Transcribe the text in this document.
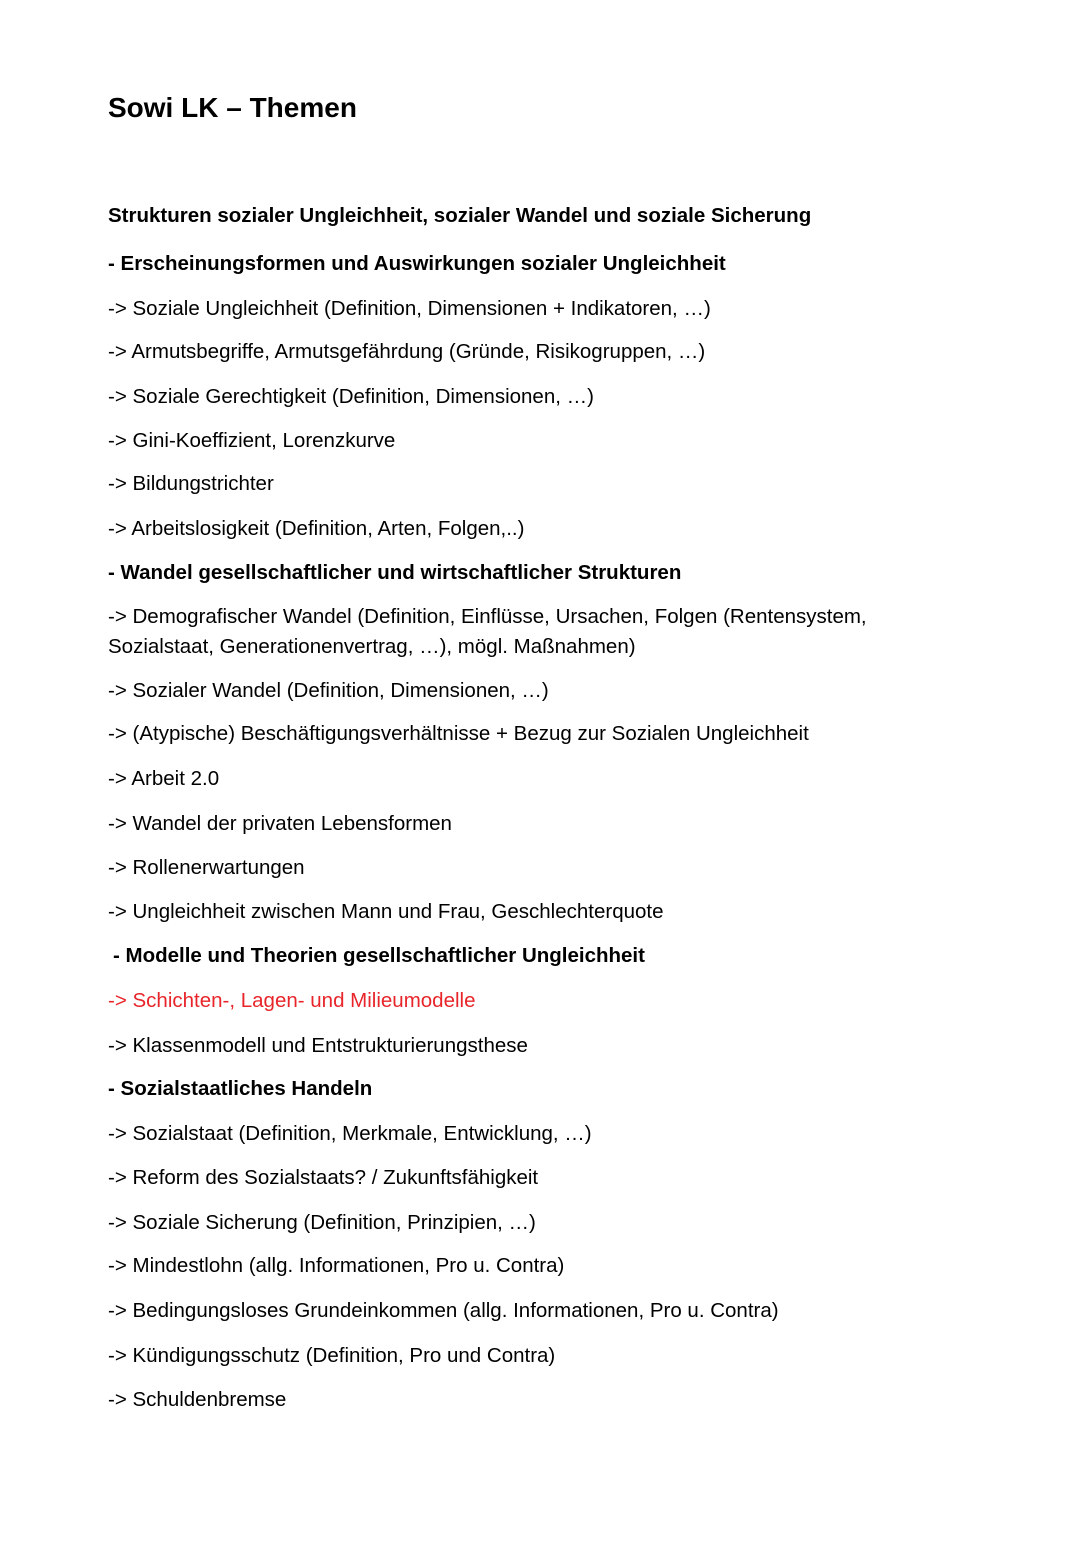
Sowi LK – Themen
Strukturen sozialer Ungleichheit, sozialer Wandel und soziale Sicherung
- Erscheinungsformen und Auswirkungen sozialer Ungleichheit
-> Soziale Ungleichheit (Definition, Dimensionen + Indikatoren, …)
-> Armutsbegriffe, Armutsgefährdung (Gründe, Risikogruppen, …)
-> Soziale Gerechtigkeit (Definition, Dimensionen, …)
-> Gini-Koeffizient, Lorenzkurve
-> Bildungstrichter
-> Arbeitslosigkeit (Definition, Arten, Folgen,..)
- Wandel gesellschaftlicher und wirtschaftlicher Strukturen
-> Demografischer Wandel (Definition, Einflüsse, Ursachen, Folgen (Rentensystem, Sozialstaat, Generationenvertrag, …), mögl. Maßnahmen)
-> Sozialer Wandel (Definition, Dimensionen, …)
-> (Atypische) Beschäftigungsverhältnisse + Bezug zur Sozialen Ungleichheit
-> Arbeit 2.0
-> Wandel der privaten Lebensformen
-> Rollenerwartungen
-> Ungleichheit zwischen Mann und Frau, Geschlechterquote
- Modelle und Theorien gesellschaftlicher Ungleichheit
-> Schichten-, Lagen- und Milieumodelle
-> Klassenmodell und Entstrukturierungsthese
- Sozialstaatliches Handeln
-> Sozialstaat (Definition, Merkmale, Entwicklung, …)
-> Reform des Sozialstaats? / Zukunftsfähigkeit
-> Soziale Sicherung (Definition, Prinzipien, …)
-> Mindestlohn (allg. Informationen, Pro u. Contra)
-> Bedingungsloses Grundeinkommen (allg. Informationen, Pro u. Contra)
-> Kündigungsschutz (Definition, Pro und Contra)
-> Schuldenbremse
